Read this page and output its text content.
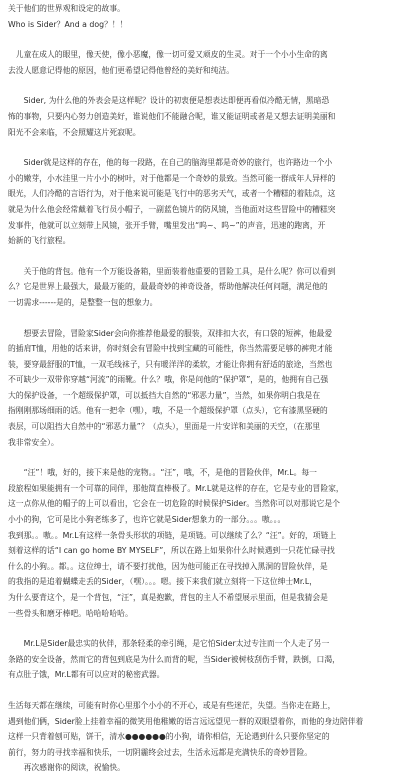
关于他们的世界观和设定的故事。

Who is Sider？And a dog？！！

　儿童在成人的眼里，像天使，像小恶魔，像一切可爱又顽皮的生灵。对于一个小小生命的离

去没人愿意记得他的原因，他们更希望记得他曾经的美好和纯洁。

　　Sider, 为什么他的外表会是这样呢？设计的初衷便是想表达即便再看似冷酷无情，黑暗恐

怖的事物，只要内心努力创造美好，谁说他们不能融合呢，谁又能证明或者是又想去证明美丽和

阳光不会来临，不会照耀这片死寂呢。

　　Sider就是这样的存在，他的每一段路，在自己的脑海里都是奇妙的旅行，也许路边一个小

小的嫩芽，小水洼里一片小小的树叶，对于他都是一个奇妙的景致。当然可能一群成年人异样的

眼光，人们冷酷的言语行为，对于他来说可能是飞行中的恶劣天气，或者一个糟糕的着陆点，这

就是为什么他会经常戴着飞行员小帽子，一副蓝色镜片的防风镜，当他面对这些冒险中的糟糕突

发事件，他就可以立刻带上风镜，张开手臂，嘴里发出“呜~、呜~”的声音，迅速的跑离，开

始新的飞行旅程。

　　关于他的背包。他有一个万能设备箱，里面装着他重要的冒险工具，是什么呢？你可以看到

么？它是世界上最强大，最最万能的，最最奇妙的神奇设备，帮助他解决任何问题，满足他的

一切需求------是的，是整整一包的想象力。

　　想要去冒险，冒险家Sider会向你推荐他最爱的服装，双排扣大衣，有口袋的短裤，他最爱

的插肩T恤，用他的话来讲，你时刻会有冒险中找到宝藏的可能性，你当然需要足够的裤兜才能

装，要穿最舒服的T恤，一双毛线袜子，只有暖洋洋的柔软，才能让你拥有舒适的旅途，当然也

不可缺少一双带你穿越“河流”的雨靴。什么？哦，你是问他的“保护罩”，是的，他拥有自己强

大的保护设备，一个超级保护罩，可以抵挡大自然的“邪恶力量”，当然，如果你明白我是在

指刚刚那场细雨的话。他有一把伞（嘿），哦，不是一个超级保护罩（点头），它有漆黑坚硬的

表层，可以阻挡大自然中的“邪恶力量”？（点头），里面是一片安详和美丽的天空，（在那里

我非常安全）。

　　“汪”！哦，好的，接下来是他的宠物。。“汪”，哦，不，是他的冒险伙伴，Mr.L。每一

段旅程如果能拥有一个可靠的同伴，那他简直棒极了。Mr.L就是这样的存在，它是专业的冒险家，

这一点你从他的帽子的上可以看出，它会在一切危险的时候保护Sider。当然你可以对那说它是个

小小的狗，它可是比小狗老练多了，也许它就是Sider想象力的一部分。。。嗷。。。

我到那。。嗷。。Mr.L有这样一条骨头形状的项链，是项链。可以继续了么？“汪”。好的，项链上

刻着这样的话“I can go home BY MYSELF”，所以在路上如果你什么时候遇到一只花忙碌寻找

什么的小狗。。都。。这位绅士，请不要打扰他，因为他可能正在寻找掉入黑洞的冒险伙伴，是

的我指的是追着蝴蝶走丢的Sider，（嘿）。。。嗯。接下来我们就立刻将一下这位绅士Mr.L，

为什么要背这个，是一个背包，“汪”，真是抱歉，背包的主人不希望展示里面，但是我猜会是

一些骨头和磨牙棒吧。哈哈哈哈哈。

　　Mr.L是Sider最忠实的伙伴，那条轻柔的牵引绳，是它怕Sider太过专注而一个人走了另一

条路的安全设备，然而它的背包到底是为什么而背的呢，当Sider被树枝刮伤手臂，跌倒，口渴，

有点肚子饿，Mr.L都有可以应对的秘密武器。

生活每天都在继续，可能有时你心里那个小小的不开心，或是有些迷茫，失望。当你走在路上，

遇到他们俩，Sider脸上挂着幸福的微笑用他稚嫩的语言远远望见一群的双眼望着你，而他的身边陪伴着

这样一只背着刨可贴，饼干，清水●●●●●●的小狗，请你相信，无论遇到什么只要你坚定的

前行，努力的寻找幸福和快乐，一切阴霾终会过去，生活永远都是充满快乐的奇妙冒险。

　　再次感谢你的阅读，祝愉快。
